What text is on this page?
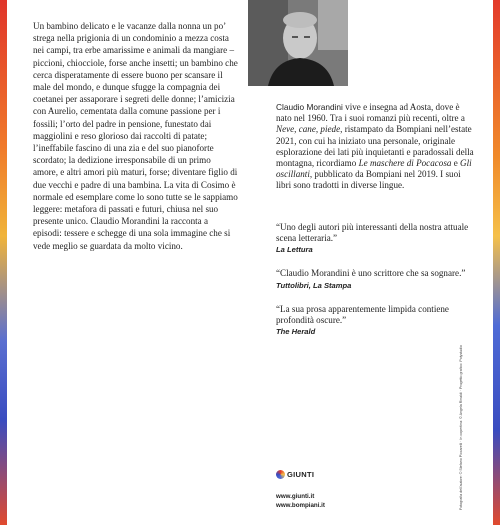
Un bambino delicato e le vacanze dalla nonna un po’ strega nella prigionia di un condominio a mezza costa nei campi, tra erbe amarissime e animali da mangiare – piccioni, chiocciole, forse anche insetti; un bambino che cerca disperatamente di essere buono per scansare il male del mondo, e dunque sfugge la compagnia dei coetanei per assaporare i segreti delle donne; l’amicizia con Aurelio, cementata dalla comune passione per i fossili; l’orto del padre in pensione, funestato dai maggiolini e reso glorioso dai raccolti di patate; l’ineffabile fascino di una zia e del suo pianoforte scordato; la dedizione irresponsabile di un primo amore, e altri amori più maturi, forse; diventare figlio di due vecchi e padre di una bambina. La vita di Cosimo è normale ed esemplare come lo sono tutte se le sappiamo leggere: metafora di passati e futuri, chiusa nel suo presente unico. Claudio Morandini la racconta a episodi: tessere e schegge di una sola immagine che si vede meglio se guardata da molto vicino.

Claudio Morandini vive e insegna ad Aosta, dove è nato nel 1960. Tra i suoi romanzi più recenti, oltre a Neve, cane, piede, ristampato da Bompiani nell’estate 2021, con cui ha iniziato una personale, originale esplorazione dei lati più inquietanti e paradossali della montagna, ricordiamo Le maschere di Pocacosa e Gli oscillanti, pubblicato da Bompiani nel 2019. I suoi libri sono tradotti in diverse lingue.

“Uno degli autori più interessanti della nostra attuale scena letteraria.”

La Lettura

“Claudio Morandini è uno scrittore che sa sognare.”

Tuttolibri, La Stampa

“La sua prosa apparentemente limpida contiene profondità oscure.”

The Herald
Fotografia dell’autore: © Stefano Piccarelli · In copertina: © Angela Rinaldi · Progetto grafico: Polystudio
GIUNTI
www.giunti.it
www.bompiani.it
